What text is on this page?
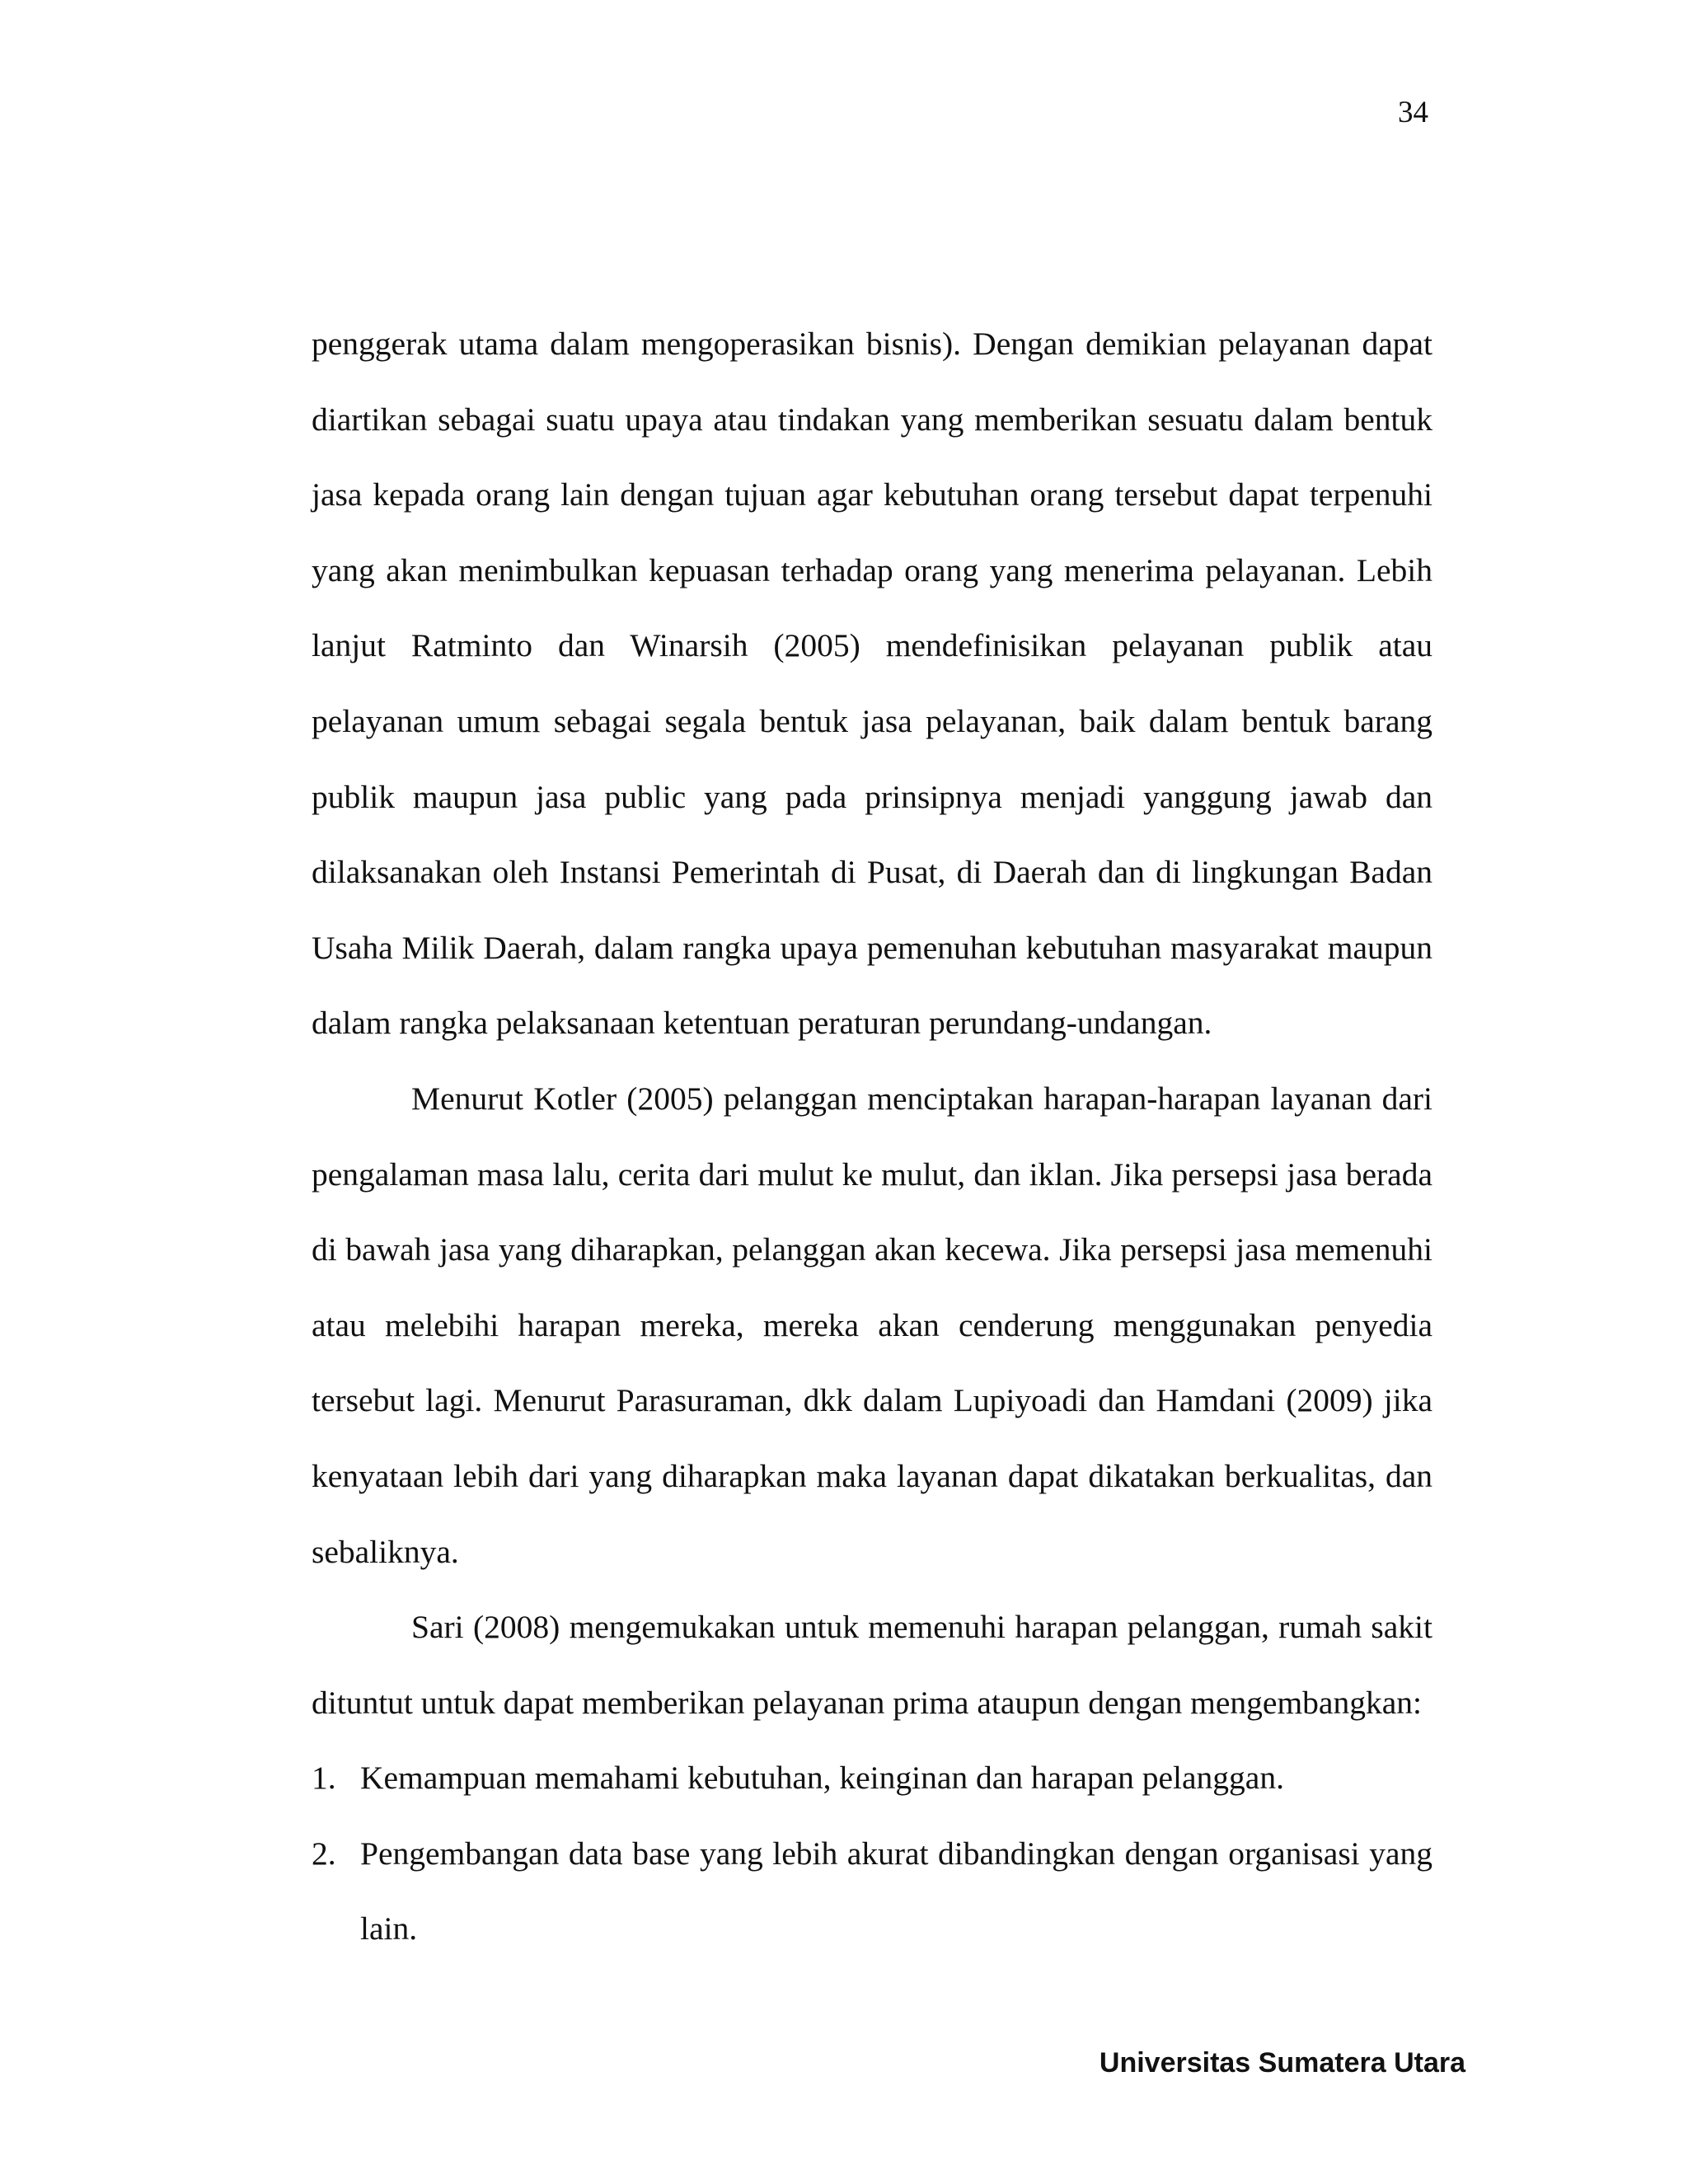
34

penggerak utama dalam mengoperasikan bisnis). Dengan demikian pelayanan dapat diartikan sebagai suatu upaya atau tindakan yang memberikan sesuatu dalam bentuk jasa kepada orang lain dengan tujuan agar kebutuhan orang tersebut dapat terpenuhi yang akan menimbulkan kepuasan terhadap orang yang menerima pelayanan. Lebih lanjut Ratminto dan Winarsih (2005) mendefinisikan pelayanan publik atau pelayanan umum sebagai segala bentuk jasa pelayanan, baik dalam bentuk barang publik maupun jasa public yang pada prinsipnya menjadi yanggung jawab dan dilaksanakan oleh Instansi Pemerintah di Pusat, di Daerah dan di lingkungan Badan Usaha Milik Daerah, dalam rangka upaya pemenuhan kebutuhan masyarakat maupun dalam rangka pelaksanaan ketentuan peraturan perundang-undangan.

Menurut Kotler (2005) pelanggan menciptakan harapan-harapan layanan dari pengalaman masa lalu, cerita dari mulut ke mulut, dan iklan. Jika persepsi jasa berada di bawah jasa yang diharapkan, pelanggan akan kecewa. Jika persepsi jasa memenuhi atau melebihi harapan mereka, mereka akan cenderung menggunakan penyedia tersebut lagi. Menurut Parasuraman, dkk dalam Lupiyoadi dan Hamdani (2009) jika kenyataan lebih dari yang diharapkan maka layanan dapat dikatakan berkualitas, dan sebaliknya.

Sari (2008) mengemukakan untuk memenuhi harapan pelanggan, rumah sakit dituntut untuk dapat memberikan pelayanan prima ataupun dengan mengembangkan:

1. Kemampuan memahami kebutuhan, keinginan dan harapan pelanggan.
2. Pengembangan data base yang lebih akurat dibandingkan dengan organisasi yang lain.
Universitas Sumatera Utara
